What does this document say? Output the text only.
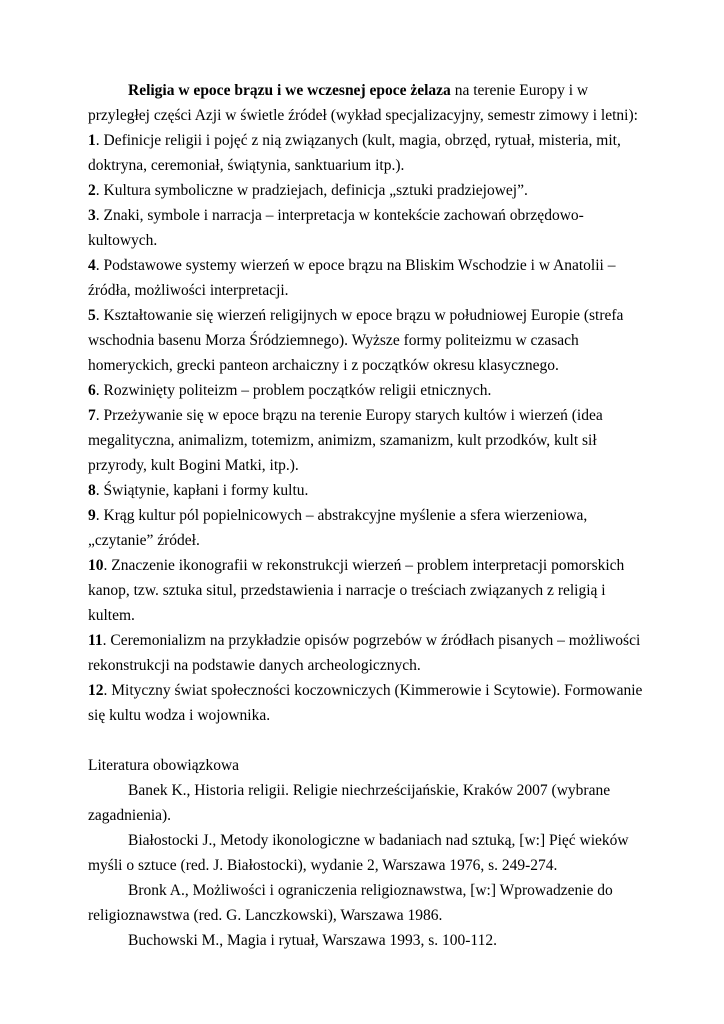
Religia w epoce brązu i we wczesnej epoce żelaza na terenie Europy i w przyległej części Azji w świetle źródeł (wykład specjalizacyjny, semestr zimowy i letni):

1. Definicje religii i pojęć z nią związanych (kult, magia, obrzęd, rytuał, misteria, mit, doktryna, ceremoniał, świątynia, sanktuarium itp.).

2. Kultura symboliczne w pradziejach, definicja „sztuki pradziejowej”.

3. Znaki, symbole i narracja – interpretacja w kontekście zachowań obrzędowo-kultowych.

4. Podstawowe systemy wierzeń w epoce brązu na Bliskim Wschodzie i w Anatolii – źródła, możliwości interpretacji.

5. Kształtowanie się wierzeń religijnych w epoce brązu w południowej Europie (strefa wschodnia basenu Morza Śródziemnego). Wyższe formy politeizmu w czasach homeryckich, grecki panteon archaiczny i z początków okresu klasycznego.

6. Rozwinięty politeizm – problem początków religii etnicznych.

7. Przeżywanie się w epoce brązu na terenie Europy starych kultów i wierzeń (idea megalityczna, animalizm, totemizm, animizm, szamanizm, kult przodków, kult sił przyrody, kult Bogini Matki, itp.).

8. Świątynie, kapłani i formy kultu.

9. Krąg kultur pól popielnicowych – abstrakcyjne myślenie a sfera wierzeniowa, „czytanie” źródeł.

10. Znaczenie ikonografii w rekonstrukcji wierzeń – problem interpretacji pomorskich kanop, tzw. sztuka situl, przedstawienia i narracje o treściach związanych z religią i kultem.

11. Ceremonializm na przykładzie opisów pogrzebów w źródłach pisanych – możliwości rekonstrukcji na podstawie danych archeologicznych.

12. Mityczny świat społeczności koczowniczych (Kimmerowie i Scytowie). Formowanie się kultu wodza i wojownika.

Literatura obowiązkowa

Banek K., Historia religii. Religie niechrześcijańskie, Kraków 2007 (wybrane zagadnienia).

Białostocki J., Metody ikonologiczne w badaniach nad sztuką, [w:] Pięć wieków myśli o sztuce (red. J. Białostocki), wydanie 2, Warszawa 1976, s. 249-274.

Bronk A., Możliwości i ograniczenia religioznawstwa, [w:] Wprowadzenie do religioznawstwa (red. G. Lanczkowski), Warszawa 1986.

Buchowski M., Magia i rytuał, Warszawa 1993, s. 100-112.
